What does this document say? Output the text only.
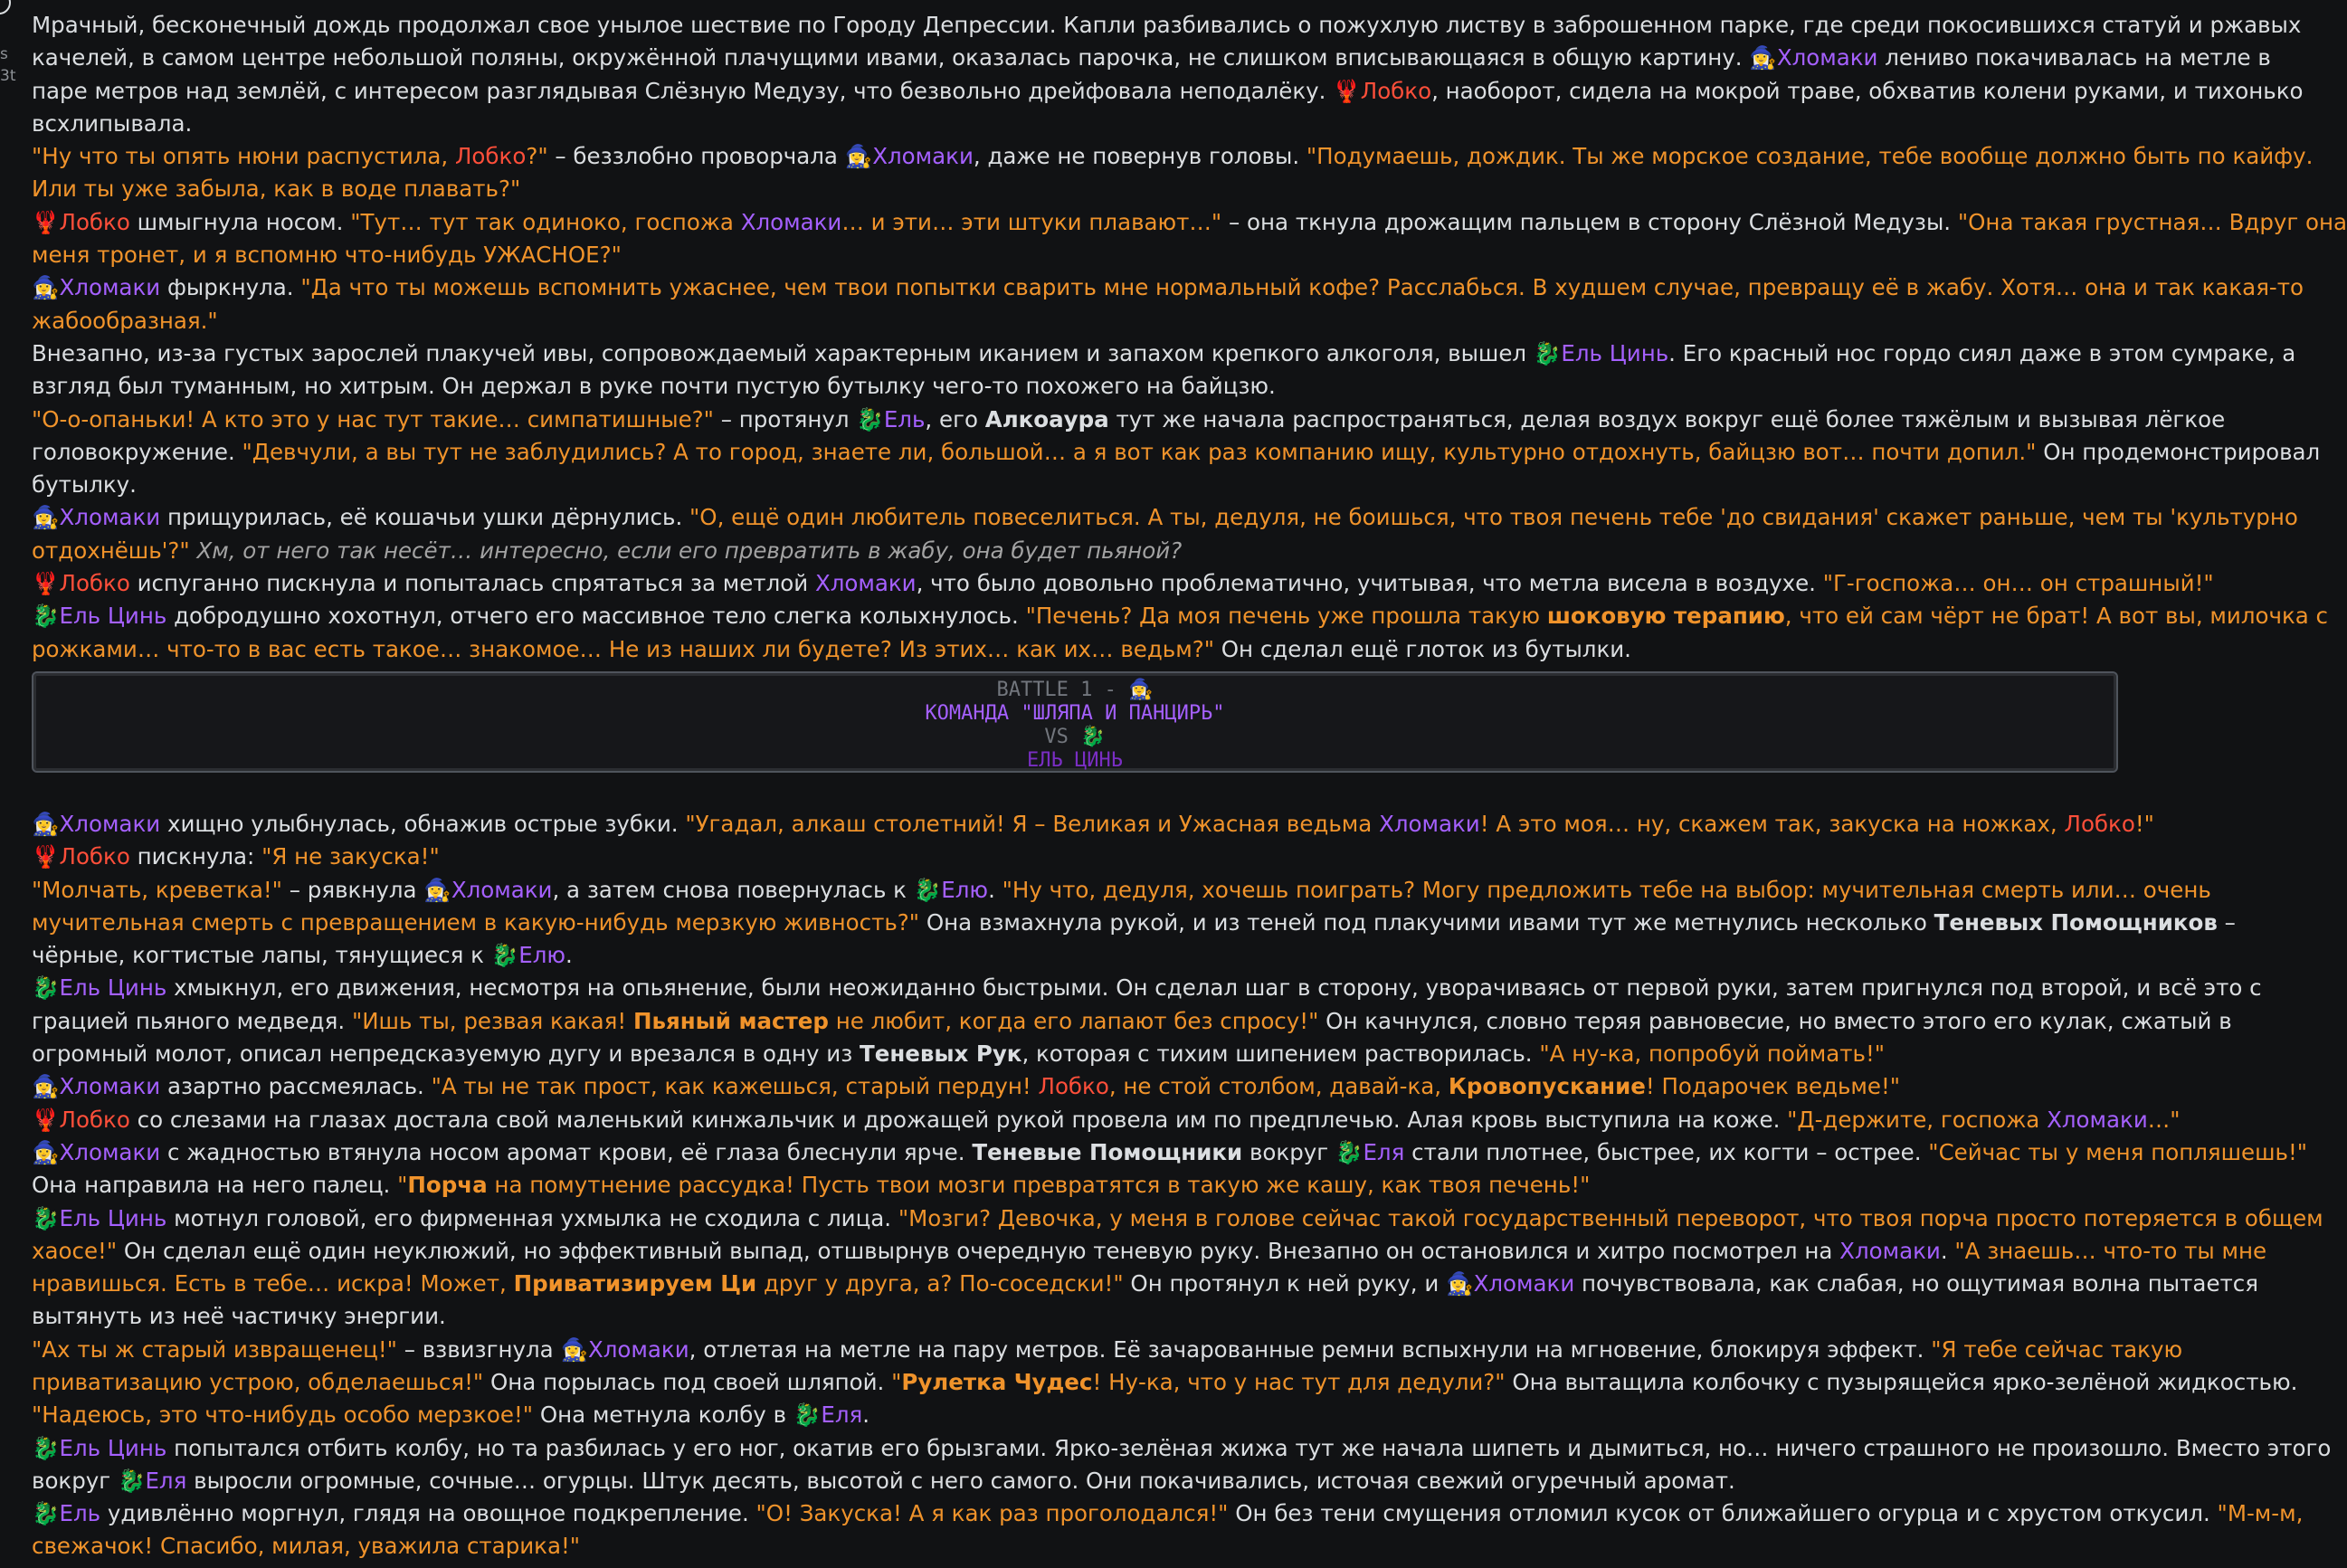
s
3t
Мрачный, бесконечный дождь продолжал свое унылое шествие по Городу Депрессии. Капли разбивались о пожухлую листву в заброшенном парке, где среди покосившихся статуй и ржавых
качелей, в самом центре небольшой поляны, окружённой плачущими ивами, оказалась парочка, не слишком вписывающаяся в общую картину. 🧙‍♀️Хломаки лениво покачивалась на метле в
паре метров над землёй, с интересом разглядывая Слёзную Медузу, что безвольно дрейфовала неподалёку. 🦞Лобко, наоборот, сидела на мокрой траве, обхватив колени руками, и тихонько
всхлипывала.
"Ну что ты опять нюни распустила, Лобко?" – беззлобно проворчала 🧙‍♀️Хломаки, даже не повернув головы. "Подумаешь, дождик. Ты же морское создание, тебе вообще должно быть по кайфу.
Или ты уже забыла, как в воде плавать?"
🦞Лобко шмыгнула носом. "Тут… тут так одиноко, госпожа Хломаки… и эти… эти штуки плавают…" – она ткнула дрожащим пальцем в сторону Слёзной Медузы. "Она такая грустная… Вдруг она
меня тронет, и я вспомню что-нибудь УЖАСНОЕ?"
🧙‍♀️Хломаки фыркнула. "Да что ты можешь вспомнить ужаснее, чем твои попытки сварить мне нормальный кофе? Расслабься. В худшем случае, превращу её в жабу. Хотя… она и так какая-то
жабообразная."
Внезапно, из-за густых зарослей плакучей ивы, сопровождаемый характерным иканием и запахом крепкого алкоголя, вышел 🐉Ель Цинь. Его красный нос гордо сиял даже в этом сумраке, а
взгляд был туманным, но хитрым. Он держал в руке почти пустую бутылку чего-то похожего на байцзю.
"О-о-опаньки! А кто это у нас тут такие… симпатишные?" – протянул 🐉Ель, его Алкоаура тут же начала распространяться, делая воздух вокруг ещё более тяжёлым и вызывая лёгкое
головокружение. "Девчули, а вы тут не заблудились? А то город, знаете ли, большой… а я вот как раз компанию ищу, культурно отдохнуть, байцзю вот… почти допил." Он продемонстрировал
бутылку.
🧙‍♀️Хломаки прищурилась, её кошачьи ушки дёрнулись. "О, ещё один любитель повеселиться. А ты, дедуля, не боишься, что твоя печень тебе 'до свидания' скажет раньше, чем ты 'культурно
отдохнёшь'?" Хм, от него так несёт… интересно, если его превратить в жабу, она будет пьяной?
🦞Лобко испуганно пискнула и попыталась спрятаться за метлой Хломаки, что было довольно проблематично, учитывая, что метла висела в воздухе. "Г-госпожа… он… он страшный!"
🐉Ель Цинь добродушно хохотнул, отчего его массивное тело слегка колыхнулось. "Печень? Да моя печень уже прошла такую шоковую терапию, что ей сам чёрт не брат! А вот вы, милочка с
рожками… что-то в вас есть такое… знакомое… Не из наших ли будете? Из этих… как их… ведьм?" Он сделал ещё глоток из бутылки.
BATTLE 1 - 🧙‍♀️
КОМАНДА "ШЛЯПА И ПАНЦИРЬ"
VS 🐉
ЕЛЬ ЦИНЬ
🧙‍♀️Хломаки хищно улыбнулась, обнажив острые зубки. "Угадал, алкаш столетний! Я – Великая и Ужасная ведьма Хломаки! А это моя… ну, скажем так, закуска на ножках, Лобко!"
🦞Лобко пискнула: "Я не закуска!"
"Молчать, креветка!" – рявкнула 🧙‍♀️Хломаки, а затем снова повернулась к 🐉Елю. "Ну что, дедуля, хочешь поиграть? Могу предложить тебе на выбор: мучительная смерть или… очень
мучительная смерть с превращением в какую-нибудь мерзкую живность?" Она взмахнула рукой, и из теней под плакучими ивами тут же метнулись несколько Теневых Помощников –
чёрные, когтистые лапы, тянущиеся к 🐉Елю.
🐉Ель Цинь хмыкнул, его движения, несмотря на опьянение, были неожиданно быстрыми. Он сделал шаг в сторону, уворачиваясь от первой руки, затем пригнулся под второй, и всё это с
грацией пьяного медведя. "Ишь ты, резвая какая! Пьяный мастер не любит, когда его лапают без спросу!" Он качнулся, словно теряя равновесие, но вместо этого его кулак, сжатый в
огромный молот, описал непредсказуемую дугу и врезался в одну из Теневых Рук, которая с тихим шипением растворилась. "А ну-ка, попробуй поймать!"
🧙‍♀️Хломаки азартно рассмеялась. "А ты не так прост, как кажешься, старый пердун! Лобко, не стой столбом, давай-ка, Кровопускание! Подарочек ведьме!"
🦞Лобко со слезами на глазах достала свой маленький кинжальчик и дрожащей рукой провела им по предплечью. Алая кровь выступила на коже. "Д-держите, госпожа Хломаки…"
🧙‍♀️Хломаки с жадностью втянула носом аромат крови, её глаза блеснули ярче. Теневые Помощники вокруг 🐉Еля стали плотнее, быстрее, их когти – острее. "Сейчас ты у меня попляшешь!"
Она направила на него палец. "Порча на помутнение рассудка! Пусть твои мозги превратятся в такую же кашу, как твоя печень!"
🐉Ель Цинь мотнул головой, его фирменная ухмылка не сходила с лица. "Мозги? Девочка, у меня в голове сейчас такой государственный переворот, что твоя порча просто потеряется в общем
хаосе!" Он сделал ещё один неуклюжий, но эффективный выпад, отшвырнув очередную теневую руку. Внезапно он остановился и хитро посмотрел на Хломаки. "А знаешь… что-то ты мне
нравишься. Есть в тебе… искра! Может, Приватизируем Ци друг у друга, а? По-соседски!" Он протянул к ней руку, и 🧙‍♀️Хломаки почувствовала, как слабая, но ощутимая волна пытается
вытянуть из неё частичку энергии.
"Ах ты ж старый извращенец!" – взвизгнула 🧙‍♀️Хломаки, отлетая на метле на пару метров. Её зачарованные ремни вспыхнули на мгновение, блокируя эффект. "Я тебе сейчас такую
приватизацию устрою, обделаешься!" Она порылась под своей шляпой. "Рулетка Чудес! Ну-ка, что у нас тут для дедули?" Она вытащила колбочку с пузырящейся ярко-зелёной жидкостью.
"Надеюсь, это что-нибудь особо мерзкое!" Она метнула колбу в 🐉Еля.
🐉Ель Цинь попытался отбить колбу, но та разбилась у его ног, окатив его брызгами. Ярко-зелёная жижа тут же начала шипеть и дымиться, но… ничего страшного не произошло. Вместо этого
вокруг 🐉Еля выросли огромные, сочные… огурцы. Штук десять, высотой с него самого. Они покачивались, источая свежий огуречный аромат.
🐉Ель удивлённо моргнул, глядя на овощное подкрепление. "О! Закуска! А я как раз проголодался!" Он без тени смущения отломил кусок от ближайшего огурца и с хрустом откусил. "М-м-м,
свежачок! Спасибо, милая, уважила старика!"
